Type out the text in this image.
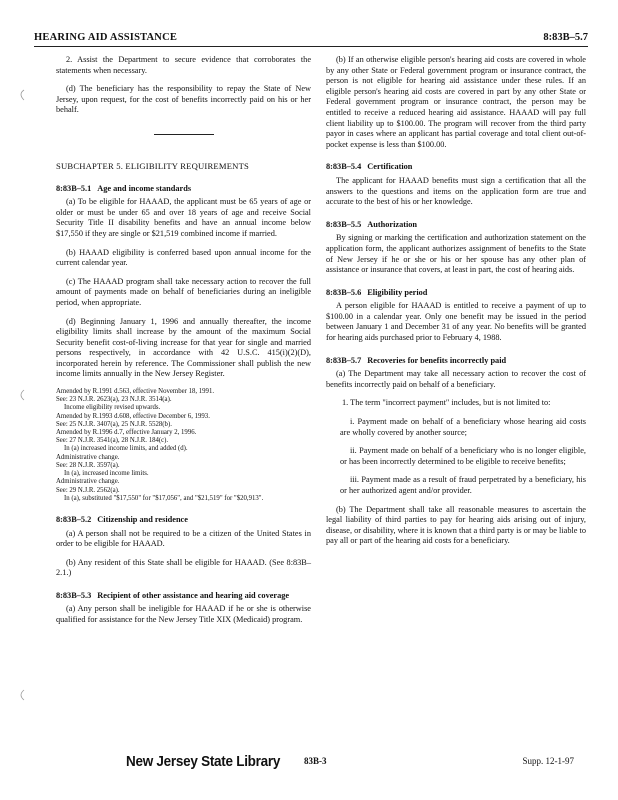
HEARING AID ASSISTANCE	8:83B–5.7

2. Assist the Department to secure evidence that corroborates the statements when necessary.

(d) The beneficiary has the responsibility to repay the State of New Jersey, upon request, for the cost of benefits incorrectly paid on his or her behalf.

SUBCHAPTER 5. ELIGIBILITY REQUIREMENTS

8:83B–5.1 Age and income standards

(a) To be eligible for HAAAD, the applicant must be 65 years of age or older or must be under 65 and over 18 years of age and receive Social Security Title II disability benefits and have an annual income below $17,550 if they are single or $21,519 combined income if married.

(b) HAAAD eligibility is conferred based upon annual income for the current calendar year.

(c) The HAAAD program shall take necessary action to recover the full amount of payments made on behalf of beneficiaries during an ineligible period, when appropriate.

(d) Beginning January 1, 1996 and annually thereafter, the income eligibility limits shall increase by the amount of the maximum Social Security benefit cost-of-living increase for that year for single and married persons respectively, in accordance with 42 U.S.C. 415(i)(2)(D), incorporated herein by reference. The Commissioner shall publish the new income limits annually in the New Jersey Register.

Amended by R.1991 d.563, effective November 18, 1991.
See: 23 N.J.R. 2623(a), 23 N.J.R. 3514(a).
Income eligibility revised upwards.
Amended by R.1993 d.608, effective December 6, 1993.
See: 25 N.J.R. 3407(a), 25 N.J.R. 5528(b).
Amended by R.1996 d.7, effective January 2, 1996.
See: 27 N.J.R. 3541(a), 28 N.J.R. 184(c).
In (a) increased income limits, and added (d).
Administrative change.
See: 28 N.J.R. 3597(a).
In (a), increased income limits.
Administrative change.
See: 29 N.J.R. 2562(a).
In (a), substituted "$17,550" for "$17,056", and "$21,519" for "$20,913".
8:83B–5.2 Citizenship and residence

(a) A person shall not be required to be a citizen of the United States in order to be eligible for HAAAD.

(b) Any resident of this State shall be eligible for HAAAD. (See 8:83B–2.1.)

8:83B–5.3 Recipient of other assistance and hearing aid coverage

(a) Any person shall be ineligible for HAAAD if he or she is otherwise qualified for assistance for the New Jersey Title XIX (Medicaid) program.

(b) If an otherwise eligible person's hearing aid costs are covered in whole by any other State or Federal government program or insurance contract, the person is not eligible for hearing aid assistance under these rules. If an eligible person's hearing aid costs are covered in part by any other State or Federal government program or insurance contract, the person may be entitled to receive a reduced hearing aid assistance. HAAAD will pay full client liability up to $100.00. The program will recover from the third party payor in cases where an applicant has partial coverage and total client out-of-pocket expense is less than $100.00.

8:83B–5.4 Certification

The applicant for HAAAD benefits must sign a certification that all the answers to the questions and items on the application form are true and accurate to the best of his or her knowledge.

8:83B–5.5 Authorization

By signing or marking the certification and authorization statement on the application form, the applicant authorizes assignment of benefits to the State of New Jersey if he or she or his or her spouse has any other plan of assistance or insurance that covers, at least in part, the cost of hearing aids.

8:83B–5.6 Eligibility period

A person eligible for HAAAD is entitled to receive a payment of up to $100.00 in a calendar year. Only one benefit may be issued in the period between January 1 and December 31 of any year. No benefits will be granted for hearing aids purchased prior to February 4, 1988.

8:83B–5.7 Recoveries for benefits incorrectly paid

(a) The Department may take all necessary action to recover the cost of benefits incorrectly paid on behalf of a beneficiary.

1. The term "incorrect payment" includes, but is not limited to:

i. Payment made on behalf of a beneficiary whose hearing aid costs are wholly covered by another source;

ii. Payment made on behalf of a beneficiary who is no longer eligible, or has been incorrectly determined to be eligible to receive benefits;

iii. Payment made as a result of fraud perpetrated by a beneficiary, his or her authorized agent and/or provider.

(b) The Department shall take all reasonable measures to ascertain the legal liability of third parties to pay for hearing aids arising out of injury, disease, or disability, where it is known that a third party is or may be liable to pay all or part of the hearing aid costs for a beneficiary.

New Jersey State Library	83B-3	Supp. 12-1-97
